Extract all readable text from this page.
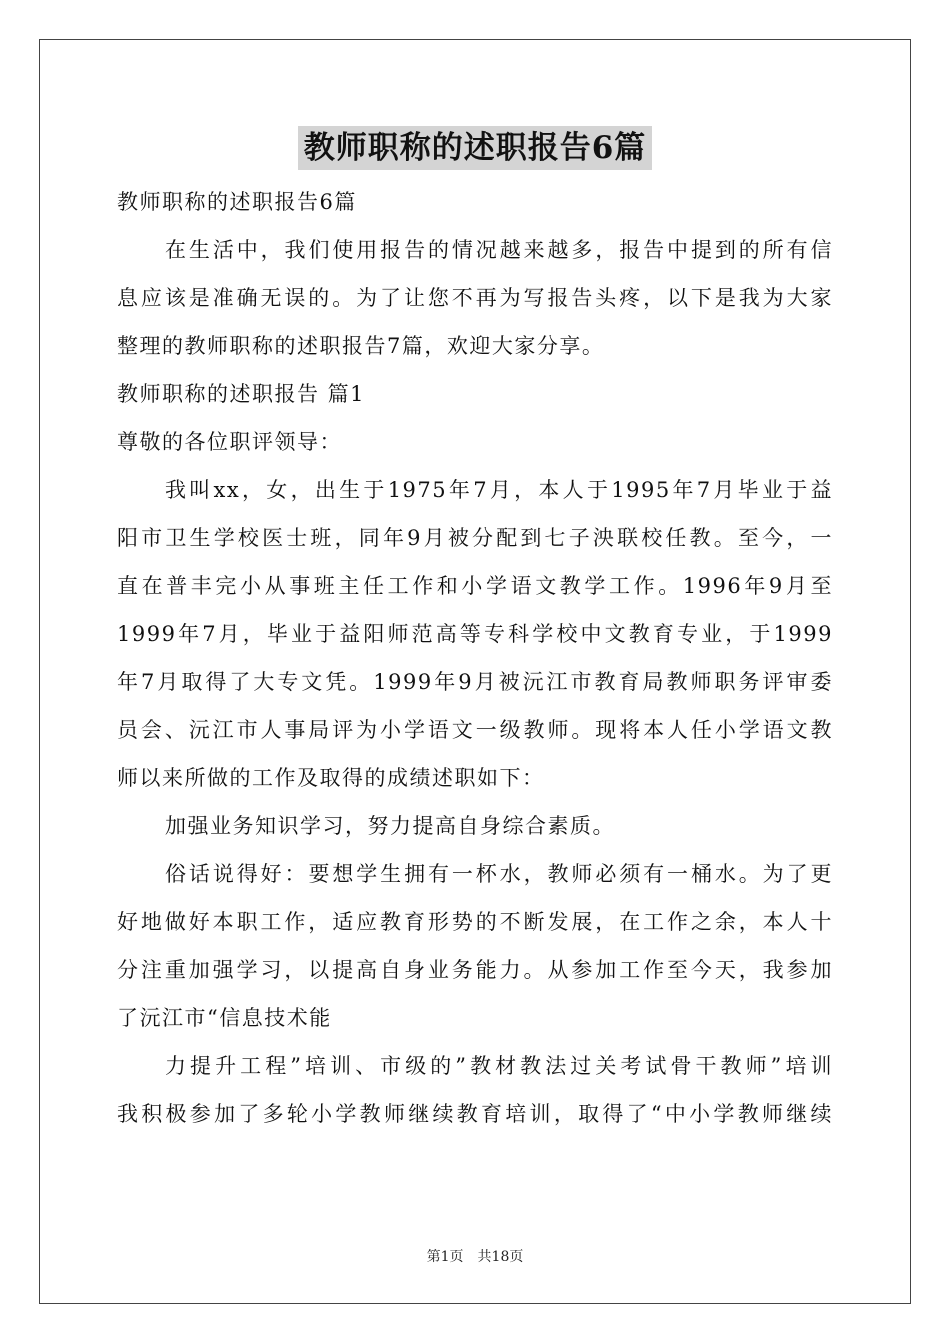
教师职称的述职报告6篇
教师职称的述职报告6篇
在生活中，我们使用报告的情况越来越多，报告中提到的所有信
息应该是准确无误的。为了让您不再为写报告头疼，以下是我为大家
整理的教师职称的述职报告7篇，欢迎大家分享。
教师职称的述职报告 篇1
尊敬的各位职评领导：
我叫xx，女，出生于1975年7月，本人于1995年7月毕业于益
阳市卫生学校医士班，同年9月被分配到七子泱联校任教。至今，一
直在普丰完小从事班主任工作和小学语文教学工作。1996年9月至
1999年7月，毕业于益阳师范高等专科学校中文教育专业，于1999
年7月取得了大专文凭。1999年9月被沅江市教育局教师职务评审委
员会、沅江市人事局评为小学语文一级教师。现将本人任小学语文教
师以来所做的工作及取得的成绩述职如下：
加强业务知识学习，努力提高自身综合素质。
俗话说得好：要想学生拥有一杯水，教师必须有一桶水。为了更
好地做好本职工作，适应教育形势的不断发展，在工作之余，本人十
分注重加强学习，以提高自身业务能力。从参加工作至今天，我参加
了沅江市“信息技术能
力提升工程”培训、市级的”教材教法过关考试骨干教师”培训
我积极参加了多轮小学教师继续教育培训，取得了“中小学教师继续
第1页　共18页
